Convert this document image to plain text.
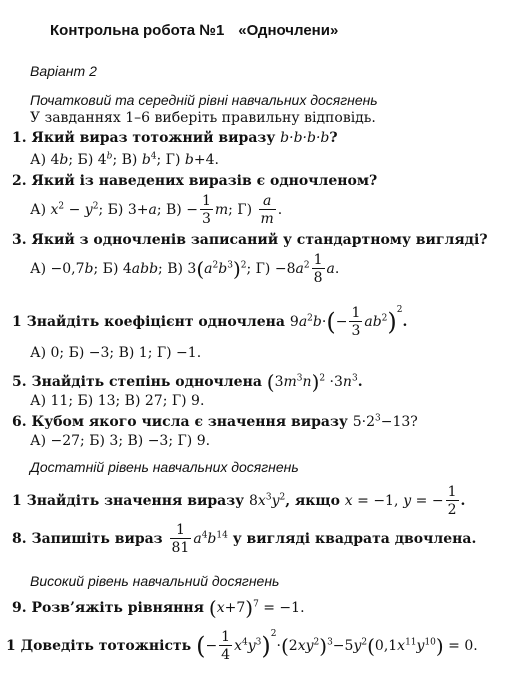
Контрольна робота №1 «Одночлени»
Варіант 2
Початковий та середній рівні навчальних досягнень
У завданнях 1–6 виберіть правильну відповідь.
1. Який вираз тотожний виразу b·b·b·b?
А) 4b; Б) 4$^b$; В) $b^4$; Г) b+4.
2. Який із наведених виразів є одночленом?
А) $x^2 - y^2$; Б) 3+a; $В) - \frac{1}{3} m$; $Г) \frac{a}{m}$ .
3. Який з одночленів записаний у стандартному вигляді?
А) −0,7b; Б) 4abb; В) $3(a^2b^3)^2$; $Г) -8a^2 \frac{1}{8} a$.
1 Знайдіть коефіцієнт одночлена $9a^2b\cdot(- \frac{1}{3} ab^2)^2$.
А) 0; Б) −3; В) 1; Г) −1.
5. Знайдіть степінь одночлена $(3m^3n)^2 \cdot 3n^3$.
А) 11; Б) 13; В) 27; Г) 9.
6. Кубом якого числа є значення виразу $5\cdot 2^3-13$?
А) −27; Б) 3; В) −3; Г) 9.
Достатній рівень навчальних досягнень
1 Знайдіть значення виразу $8x^3y^2$, якщо x = −1, y = − $\frac{1}{2}$ .
8. Запишіть вираз $\frac{1}{81} a^4b^{14}$ у вигляді квадрата двочлена.
Високий рівень навчальний досягнень
9. Розв’яжіть рівняння $(x+7)^7 = -1$.
1 Доведіть тотожність (− $\frac{1}{4} x^4y^3)^2\cdot(2xy^2)^3-5y^2(0,1x^{11}y^{10}) = 0$.
